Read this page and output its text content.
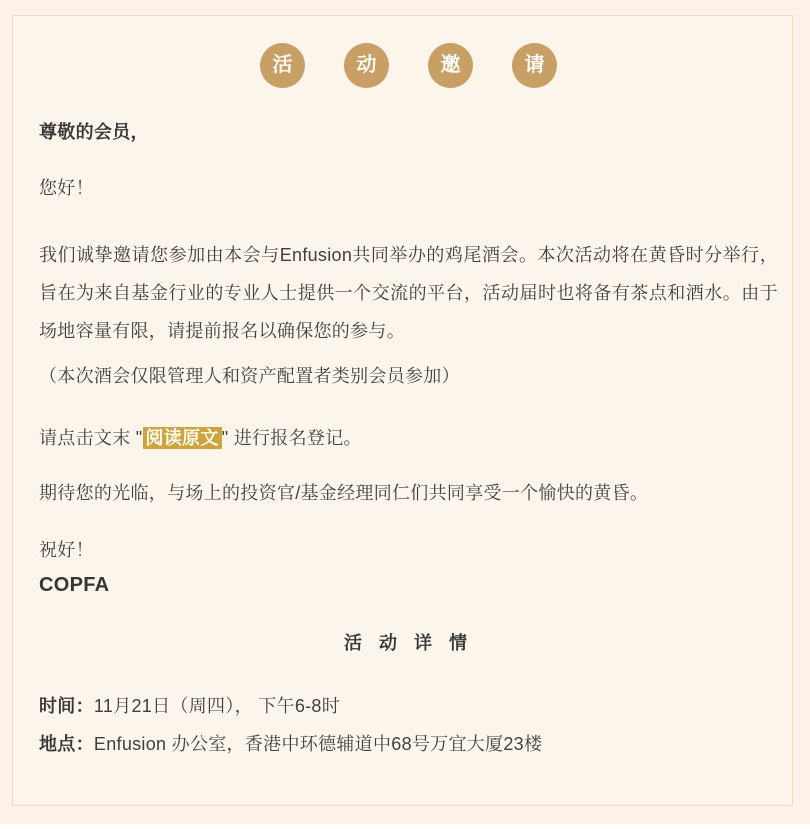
活	动	邀	请

尊敬的会员，

您好！

我们诚挚邀请您参加由本会与Enfusion共同举办的鸡尾酒会。本次活动将在黄昏时分举行，旨在为来自基金行业的专业人士提供一个交流的平台，活动届时也将备有茶点和酒水。由于场地容量有限，请提前报名以确保您的参与。

（本次酒会仅限管理人和资产配置者类别会员参加）

请点击文末 " 阅读原文 " 进行报名登记。

期待您的光临，与场上的投资官/基金经理同仁们共同享受一个愉快的黄昏。

祝好！

COPFA

活 动 详 情

时间：11月21日（周四）， 下午6-8时

地点：Enfusion 办公室，香港中环德辅道中68号万宜大厦23楼
